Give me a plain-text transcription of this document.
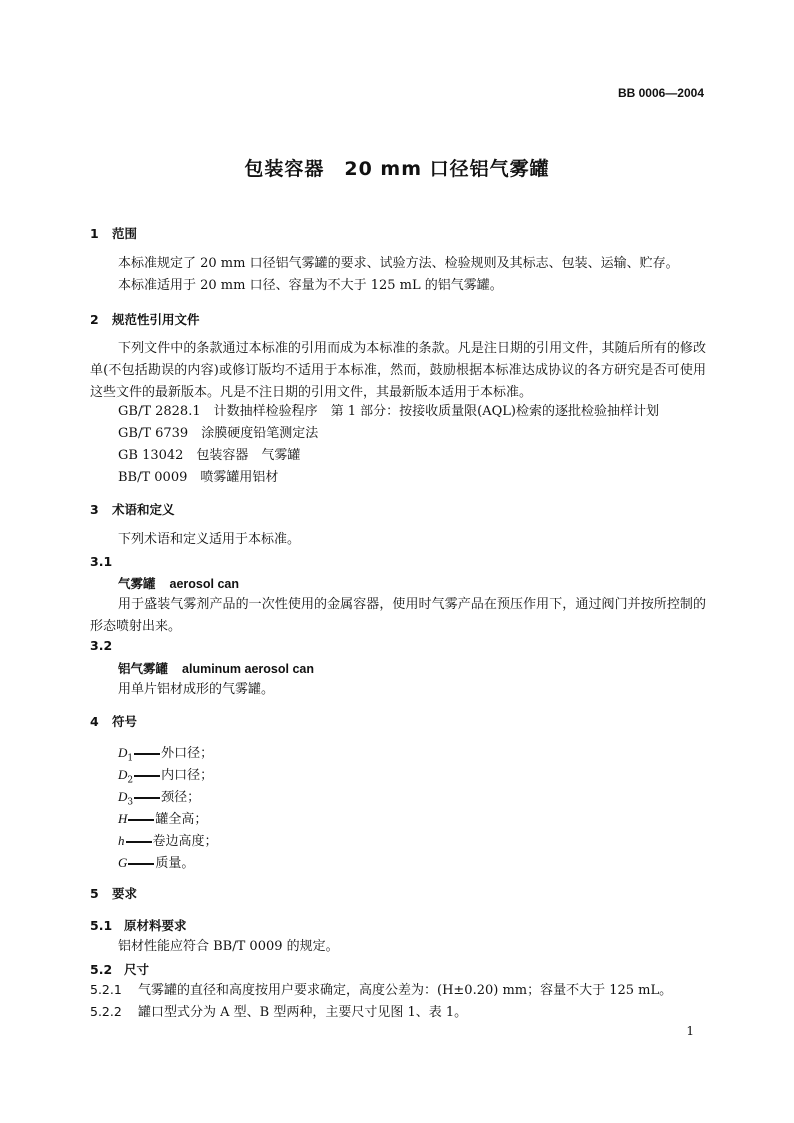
BB 0006—2004
包装容器　20 mm 口径铝气雾罐
1 范围
本标准规定了 20 mm 口径铝气雾罐的要求、试验方法、检验规则及其标志、包装、运输、贮存。
本标准适用于 20 mm 口径、容量为不大于 125 mL 的铝气雾罐。
2 规范性引用文件
下列文件中的条款通过本标准的引用而成为本标准的条款。凡是注日期的引用文件，其随后所有的修改单(不包括勘误的内容)或修订版均不适用于本标准，然而，鼓励根据本标准达成协议的各方研究是否可使用这些文件的最新版本。凡是不注日期的引用文件，其最新版本适用于本标准。
GB/T 2828.1　计数抽样检验程序　第 1 部分：按接收质量限(AQL)检索的逐批检验抽样计划
GB/T 6739　涂膜硬度铅笔测定法
GB 13042　包装容器　气雾罐
BB/T 0009　喷雾罐用铝材
3 术语和定义
下列术语和定义适用于本标准。
3.1
气雾罐 aerosol can
用于盛装气雾剂产品的一次性使用的金属容器，使用时气雾产品在预压作用下，通过阀门并按所控制的形态喷射出来。
3.2
铝气雾罐 aluminum aerosol can
用单片铝材成形的气雾罐。
4 符号
$D_1$ 外口径；
$D_2$ 内口径；
$D_3$ 颈径；
H 罐全高；
h 卷边高度；
G 质量。
5 要求
5.1 原材料要求
铝材性能应符合 BB/T 0009 的规定。
5.2 尺寸
5.2.1 气雾罐的直径和高度按用户要求确定，高度公差为：(H±0.20) mm；容量不大于 125 mL。
5.2.2 罐口型式分为 A 型、B 型两种，主要尺寸见图 1、表 1。
1
